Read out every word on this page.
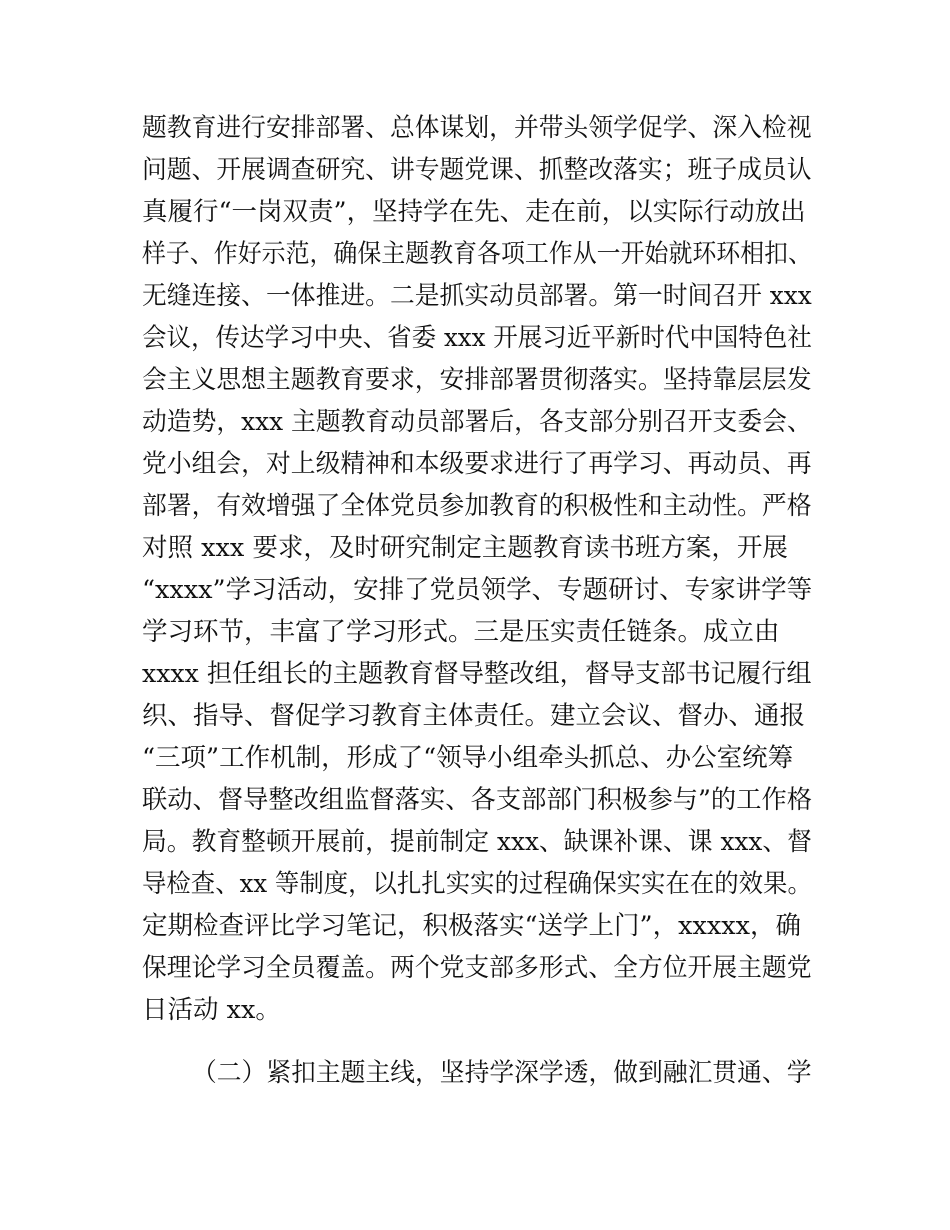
题教育进行安排部署、总体谋划，并带头领学促学、深入检视
问题、开展调查研究、讲专题党课、抓整改落实；班子成员认
真履行“一岗双责”，坚持学在先、走在前，以实际行动放出
样子、作好示范，确保主题教育各项工作从一开始就环环相扣、
无缝连接、一体推进。二是抓实动员部署。第一时间召开 xxx
会议，传达学习中央、省委 xxx 开展习近平新时代中国特色社
会主义思想主题教育要求，安排部署贯彻落实。坚持靠层层发
动造势，xxx 主题教育动员部署后，各支部分别召开支委会、
党小组会，对上级精神和本级要求进行了再学习、再动员、再
部署，有效增强了全体党员参加教育的积极性和主动性。严格
对照 xxx 要求，及时研究制定主题教育读书班方案，开展
“xxxx”学习活动，安排了党员领学、专题研讨、专家讲学等
学习环节，丰富了学习形式。三是压实责任链条。成立由
xxxx 担任组长的主题教育督导整改组，督导支部书记履行组
织、指导、督促学习教育主体责任。建立会议、督办、通报
“三项”工作机制，形成了“领导小组牵头抓总、办公室统筹
联动、督导整改组监督落实、各支部部门积极参与”的工作格
局。教育整顿开展前，提前制定 xxx、缺课补课、课 xxx、督
导检查、xx 等制度，以扎扎实实的过程确保实实在在的效果。
定期检查评比学习笔记，积极落实“送学上门”，xxxxx，确
保理论学习全员覆盖。两个党支部多形式、全方位开展主题党
日活动 xx。
（二）紧扣主题主线，坚持学深学透，做到融汇贯通、学
